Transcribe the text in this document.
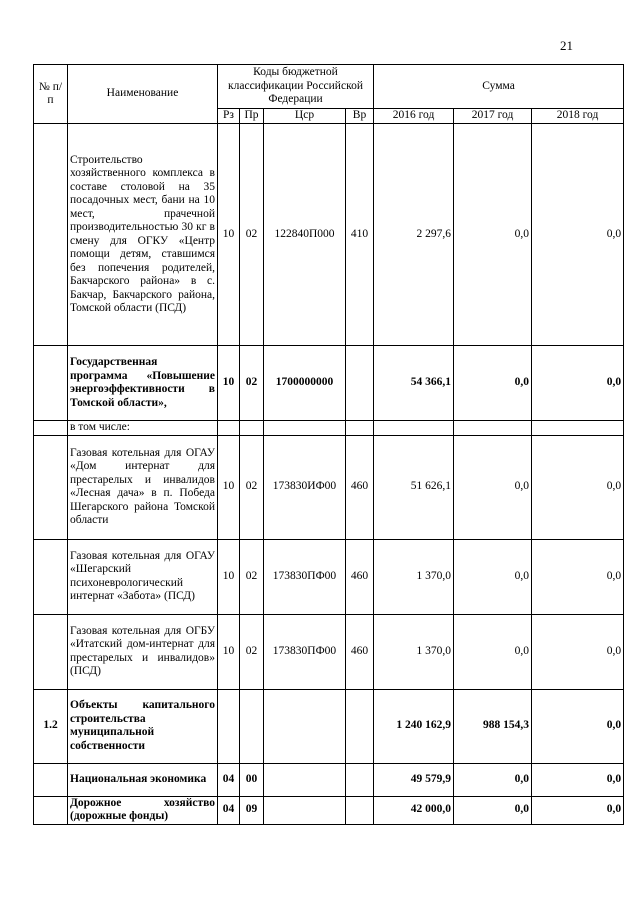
21
№ п/п	Наименование	Коды бюджетной классификации Российской Федерации				Сумма		
		Рз	Пр	Цср	Вр	2016 год	2017 год	2018 год
	Строительство хозяйственного комплекса в составе столовой на 35 посадочных мест, бани на 10 мест, прачечной производительностью 30 кг в смену для ОГКУ «Центр помощи детям, ставшимся без попечения родителей, Бакчарского района» в с. Бакчар, Бакчарского района, Томской области (ПСД)	10	02	122840П000	410	2 297,6	0,0	0,0
	Государственная программа «Повышение энергоэффективности в Томской области»,	10	02	1700000000		54 366,1	0,0	0,0
	в том числе:							
	Газовая котельная для ОГАУ «Дом интернат для престарелых и инвалидов «Лесная дача» в п. Победа Шегарского района Томской области	10	02	173830ИФ00	460	51 626,1	0,0	0,0
	Газовая котельная для ОГАУ «Шегарский психоневрологический интернат «Забота» (ПСД)	10	02	173830ПФ00	460	1 370,0	0,0	0,0
	Газовая котельная для ОГБУ «Итатский дом-интернат для престарелых и инвалидов» (ПСД)	10	02	173830ПФ00	460	1 370,0	0,0	0,0
1.2	Объекты капитального строительства муниципальной собственности					1 240 162,9	988 154,3	0,0
	Национальная экономика	04	00			49 579,9	0,0	0,0
	Дорожное хозяйство (дорожные фонды)	04	09			42 000,0	0,0	0,0
